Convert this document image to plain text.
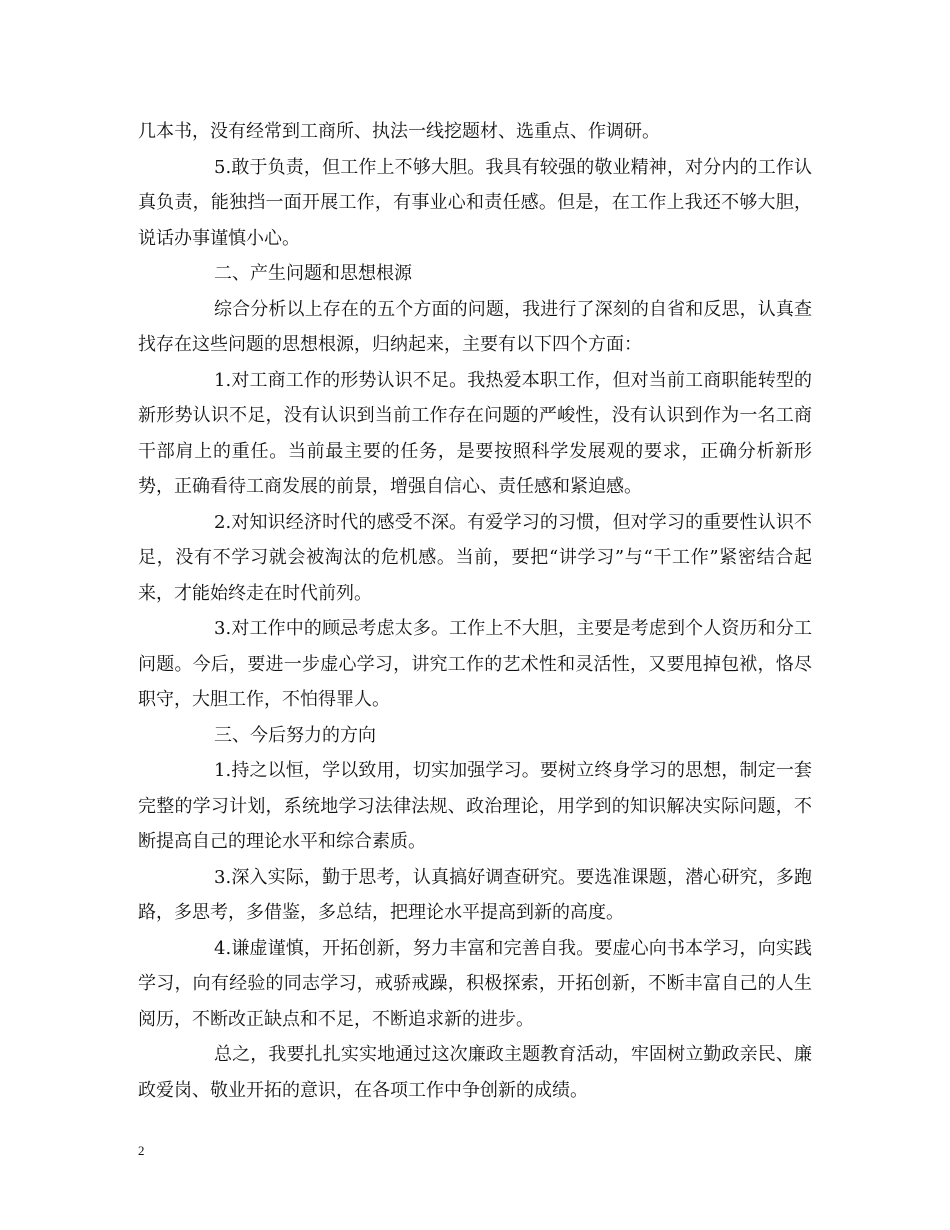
几本书，没有经常到工商所、执法一线挖题材、选重点、作调研。

5.敢于负责，但工作上不够大胆。我具有较强的敬业精神，对分内的工作认真负责，能独挡一面开展工作，有事业心和责任感。但是，在工作上我还不够大胆，说话办事谨慎小心。

二、产生问题和思想根源

综合分析以上存在的五个方面的问题，我进行了深刻的自省和反思，认真查找存在这些问题的思想根源，归纳起来，主要有以下四个方面：

1.对工商工作的形势认识不足。我热爱本职工作，但对当前工商职能转型的新形势认识不足，没有认识到当前工作存在问题的严峻性，没有认识到作为一名工商干部肩上的重任。当前最主要的任务，是要按照科学发展观的要求，正确分析新形势，正确看待工商发展的前景，增强自信心、责任感和紧迫感。

2.对知识经济时代的感受不深。有爱学习的习惯，但对学习的重要性认识不足，没有不学习就会被淘汰的危机感。当前，要把“讲学习”与“干工作”紧密结合起来，才能始终走在时代前列。

3.对工作中的顾忌考虑太多。工作上不大胆，主要是考虑到个人资历和分工问题。今后，要进一步虚心学习，讲究工作的艺术性和灵活性，又要甩掉包袱，恪尽职守，大胆工作，不怕得罪人。

三、今后努力的方向

1.持之以恒，学以致用，切实加强学习。要树立终身学习的思想，制定一套完整的学习计划，系统地学习法律法规、政治理论，用学到的知识解决实际问题，不断提高自己的理论水平和综合素质。

3.深入实际，勤于思考，认真搞好调查研究。要选准课题，潜心研究，多跑路，多思考，多借鉴，多总结，把理论水平提高到新的高度。

4.谦虚谨慎，开拓创新，努力丰富和完善自我。要虚心向书本学习，向实践学习，向有经验的同志学习，戒骄戒躁，积极探索，开拓创新，不断丰富自己的人生阅历，不断改正缺点和不足，不断追求新的进步。

总之，我要扎扎实实地通过这次廉政主题教育活动，牢固树立勤政亲民、廉政爱岗、敬业开拓的意识，在各项工作中争创新的成绩。

2
